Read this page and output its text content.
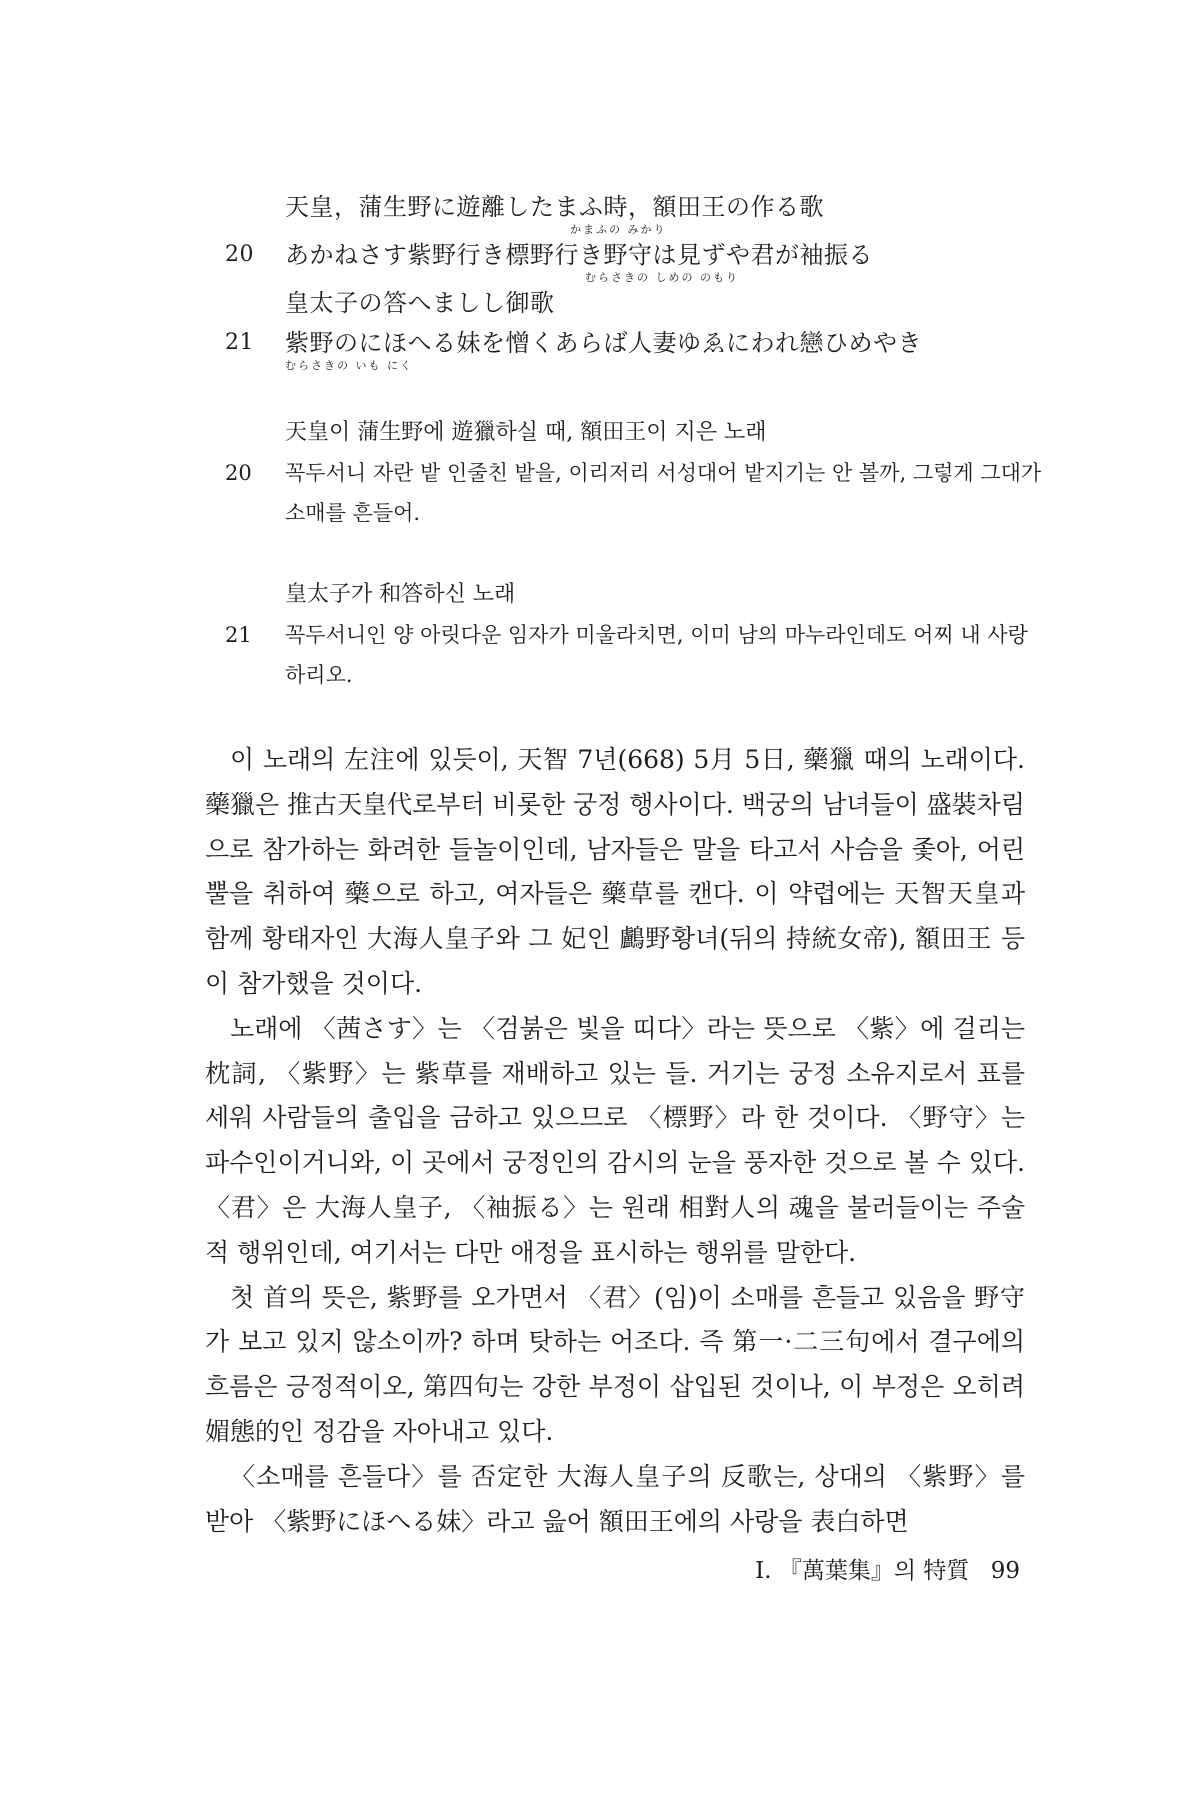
天皇，蒲生野に遊離したまふ時，額田王の作る歌
かまふの みかり
20	あかねさす紫野行き標野行き野守は見ずや君が袖振る
むらさきの しめの のもり
皇太子の答へましし御歌
21	紫野のにほへる妹を憎くあらば人妻ゆゑにわれ戀ひめやき
むらさきの いも にく
天皇이 蒲生野에 遊獵하실 때, 額田王이 지은 노래
20	꼭두서니 자란 밭 인줄친 밭을, 이리저리 서성대어 밭지기는 안 볼까, 그렇게 그대가 소매를 흔들어.
皇太子가 和答하신 노래
21	꼭두서니인 양 아릿다운 임자가 미울라치면, 이미 남의 마누라인데도 어찌 내 사랑하리오.

이 노래의 左注에 있듯이, 天智 7년(668) 5月 5日, 藥獵 때의 노래이다. 藥獵은 推古天皇代로부터 비롯한 궁정 행사이다. 백궁의 남녀들이 盛裝차림으로 참가하는 화려한 들놀이인데, 남자들은 말을 타고서 사슴을 좇아, 어린 뿔을 취하여 藥으로 하고, 여자들은 藥草를 캔다. 이 약렵에는 天智天皇과 함께 황태자인 大海人皇子와 그 妃인 鸕野황녀(뒤의 持統女帝), 額田王 등이 참가했을 것이다.

노래에 〈茜さす〉는 〈검붉은 빛을 띠다〉라는 뜻으로 〈紫〉에 걸리는 枕詞, 〈紫野〉는 紫草를 재배하고 있는 들. 거기는 궁정 소유지로서 표를 세워 사람들의 출입을 금하고 있으므로 〈標野〉라 한 것이다. 〈野守〉는 파수인이거니와, 이 곳에서 궁정인의 감시의 눈을 풍자한 것으로 볼 수 있다. 〈君〉은 大海人皇子, 〈袖振る〉는 원래 相對人의 魂을 불러들이는 주술적 행위인데, 여기서는 다만 애정을 표시하는 행위를 말한다.

첫 首의 뜻은, 紫野를 오가면서 〈君〉(임)이 소매를 흔들고 있음을 野守가 보고 있지 않소이까? 하며 탓하는 어조다. 즉 第一·二三句에서 결구에의 흐름은 긍정적이오, 第四句는 강한 부정이 삽입된 것이나, 이 부정은 오히려 媚態的인 정감을 자아내고 있다.

〈소매를 흔들다〉를 否定한 大海人皇子의 反歌는, 상대의 〈紫野〉를 받아 〈紫野にほへる妹〉라고 읊어 額田王에의 사랑을 表白하면

I. 『萬葉集』의 特質 99
